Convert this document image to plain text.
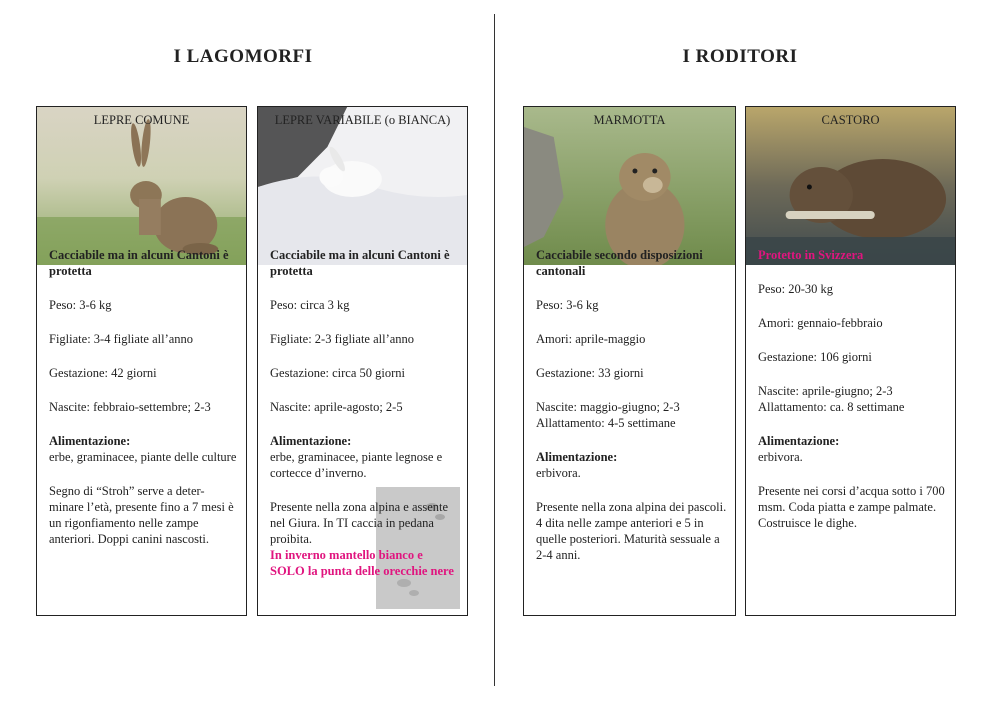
I LAGOMORFI	I RODITORI
LEPRE COMUNE

Cacciabile ma in alcuni Cantoni è protetta

Peso: 3-6 kg

Figliate: 3-4 figliate all’anno

Gestazione: 42 giorni

Nascite: febbraio-settembre; 2-3

Alimentazione:

erbe, graminacee, piante delle culture

Segno di “Stroh” serve a deter-minare l’età, presente fino a 7 mesi è un rigonfiamento nelle zampe anteriori. Doppi canini nascosti.

LEPRE VARIABILE (o BIANCA)

Cacciabile ma in alcuni Cantoni è protetta

Peso: circa 3 kg

Figliate: 2-3 figliate all’anno

Gestazione: circa 50 giorni

Nascite: aprile-agosto; 2-5

Alimentazione:

erbe, graminacee, piante legnose e cortecce d’inverno.

Presente nella zona alpina e assente nel Giura. In TI caccia in pedana proibita.

In inverno mantello bianco e SOLO la punta delle orecchie nere

MARMOTTA

Cacciabile secondo disposizioni cantonali

Peso: 3-6 kg

Amori: aprile-maggio

Gestazione: 33 giorni

Nascite: maggio-giugno; 2-3

Allattamento: 4-5 settimane

Alimentazione:

erbivora.

Presente nella zona alpina dei pascoli. 4 dita nelle zampe anteriori e 5 in quelle posteriori. Maturità sessuale a 2-4 anni.

CASTORO

Protetto in Svizzera

Peso: 20-30 kg

Amori: gennaio-febbraio

Gestazione: 106 giorni

Nascite: aprile-giugno; 2-3

Allattamento: ca. 8 settimane

Alimentazione:

erbivora.

Presente nei corsi d’acqua sotto i 700 msm. Coda piatta e zampe palmate. Costruisce le dighe.
